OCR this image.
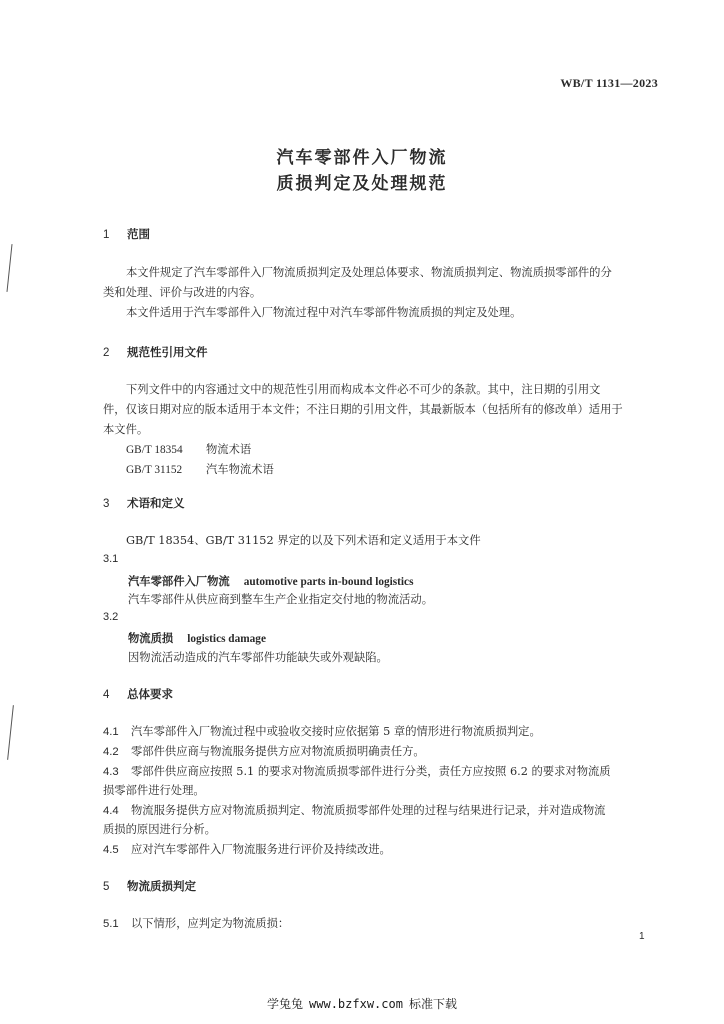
WB/T 1131—2023
汽车零部件入厂物流
质损判定及处理规范
1 范围
本文件规定了汽车零部件入厂物流质损判定及处理总体要求、物流质损判定、物流质损零部件的分
类和处理、评价与改进的内容。
本文件适用于汽车零部件入厂物流过程中对汽车零部件物流质损的判定及处理。
2 规范性引用文件
下列文件中的内容通过文中的规范性引用而构成本文件必不可少的条款。其中，注日期的引用文
件，仅该日期对应的版本适用于本文件；不注日期的引用文件，其最新版本（包括所有的修改单）适用于
本文件。
GB/T 18354 物流术语
GB/T 31152 汽车物流术语
3 术语和定义
GB/T 18354、GB/T 31152 界定的以及下列术语和定义适用于本文件
3.1
汽车零部件入厂物流 automotive parts in-bound logistics
汽车零部件从供应商到整车生产企业指定交付地的物流活动。
3.2
物流质损 logistics damage
因物流活动造成的汽车零部件功能缺失或外观缺陷。
4 总体要求
4.1 汽车零部件入厂物流过程中或验收交接时应依据第 5 章的情形进行物流质损判定。
4.2 零部件供应商与物流服务提供方应对物流质损明确责任方。
4.3 零部件供应商应按照 5.1 的要求对物流质损零部件进行分类，责任方应按照 6.2 的要求对物流质
损零部件进行处理。
4.4 物流服务提供方应对物流质损判定、物流质损零部件处理的过程与结果进行记录，并对造成物流
质损的原因进行分析。
4.5 应对汽车零部件入厂物流服务进行评价及持续改进。
5 物流质损判定
5.1 以下情形，应判定为物流质损：
1
学兔兔 www.bzfxw.com 标准下载
